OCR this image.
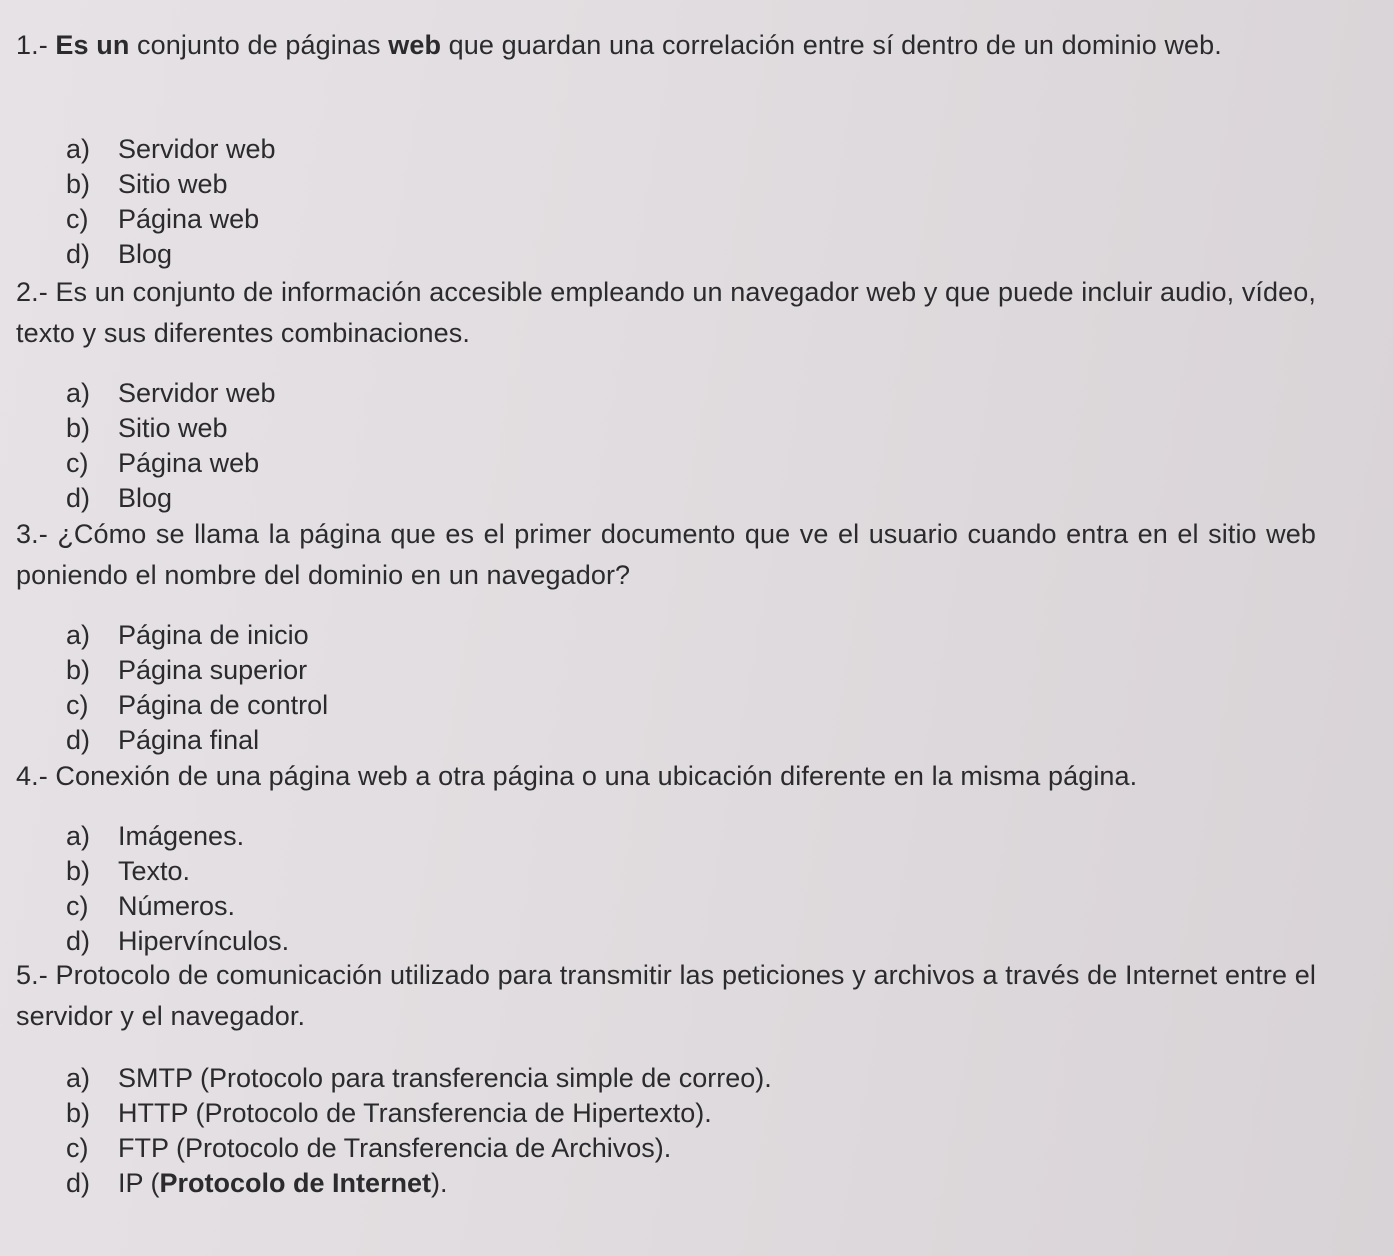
1.- Es un conjunto de páginas web que guardan una correlación entre sí dentro de un dominio web.
a)	Servidor web
b)	Sitio web
c)	Página web
d)	Blog
2.- Es un conjunto de información accesible empleando un navegador web y que puede incluir audio, vídeo, texto y sus diferentes combinaciones.
a)	Servidor web
b)	Sitio web
c)	Página web
d)	Blog
3.- ¿Cómo se llama la página que es el primer documento que ve el usuario cuando entra en el sitio web poniendo el nombre del dominio en un navegador?
a)	Página de inicio
b)	Página superior
c)	Página de control
d)	Página final
4.- Conexión de una página web a otra página o una ubicación diferente en la misma página.
a)	Imágenes.
b)	Texto.
c)	Números.
d)	Hipervínculos.
5.- Protocolo de comunicación utilizado para transmitir las peticiones y archivos a través de Internet entre el servidor y el navegador.
a)	SMTP (Protocolo para transferencia simple de correo).
b)	HTTP (Protocolo de Transferencia de Hipertexto).
c)	FTP (Protocolo de Transferencia de Archivos).
d)	IP ( Protocolo de Internet ).
